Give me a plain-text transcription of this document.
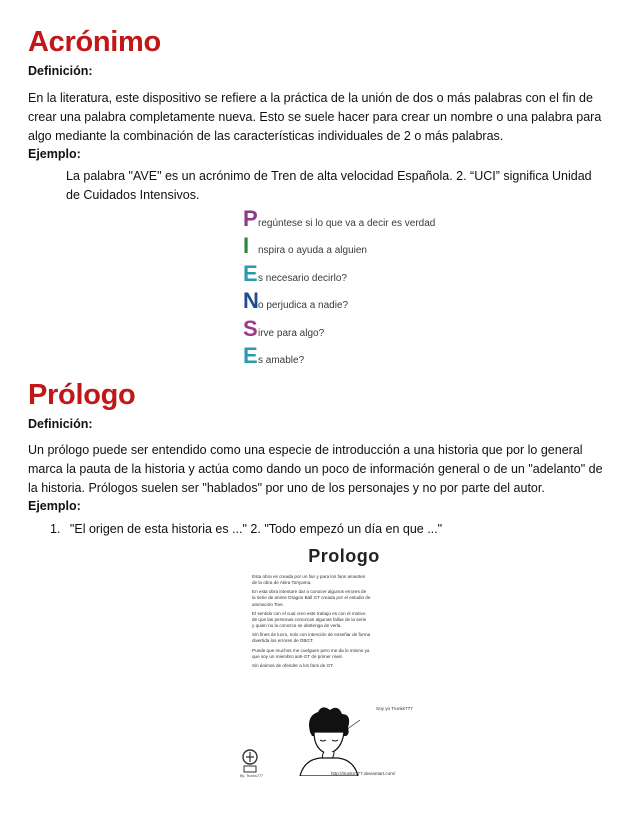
Acrónimo
Definición:
En la literatura, este dispositivo se refiere a la práctica de la unión de dos o más palabras con el fin de
crear una palabra completamente nueva. Esto se suele hacer para crear un nombre o una palabra para
algo mediante la combinación de las características individuales de 2 o más palabras.
Ejemplo:
La palabra "AVE" es un acrónimo de Tren de alta velocidad Española. 2. “UCI” significa Unidad
de Cuidados Intensivos.
P regúntese si lo que va a decir es verdad
I nspira o ayuda a alguien
E s necesario decirlo?
N o perjudica a nadie?
S irve para algo?
E s amable?
Prólogo
Definición:
Un prólogo puede ser entendido como una especie de introducción a una historia que por lo general
marca la pauta de la historia y actúa como dando un poco de información general o de un "adelanto" de
la historia. Prólogos suelen ser "hablados" por uno de los personajes y no por parte del autor.
Ejemplo:
1. "El origen de esta historia es ..." 2. "Todo empezó un día en que ..."
Prologo

Esta obra es creada por un fan y para los fans amantes
de la obra de Akira Toriyama.

En esta obra intentare dar a conocer algunos errores de
la serie de anime Dragon Ball GT creada por el estudio de
animación Toei.

El sentido con el cual creo este trabajo es con el motivo
de que las personas conozcan algunas fallas de la serie
y quien no la conozca se abstenga de verla.

Sin fines de lucro, solo con intención de enseñar de forma
divertida los errores de DBGT.

Puede que muchos me cuelguen pero me da lo mismo ya
que soy un miembro anti-GT de primer nivel.

Sin ánimos de ofender a los fans de GT.

Soy yo Trunks777
By: Trunks777	http://trunks777.deviantart.com/
